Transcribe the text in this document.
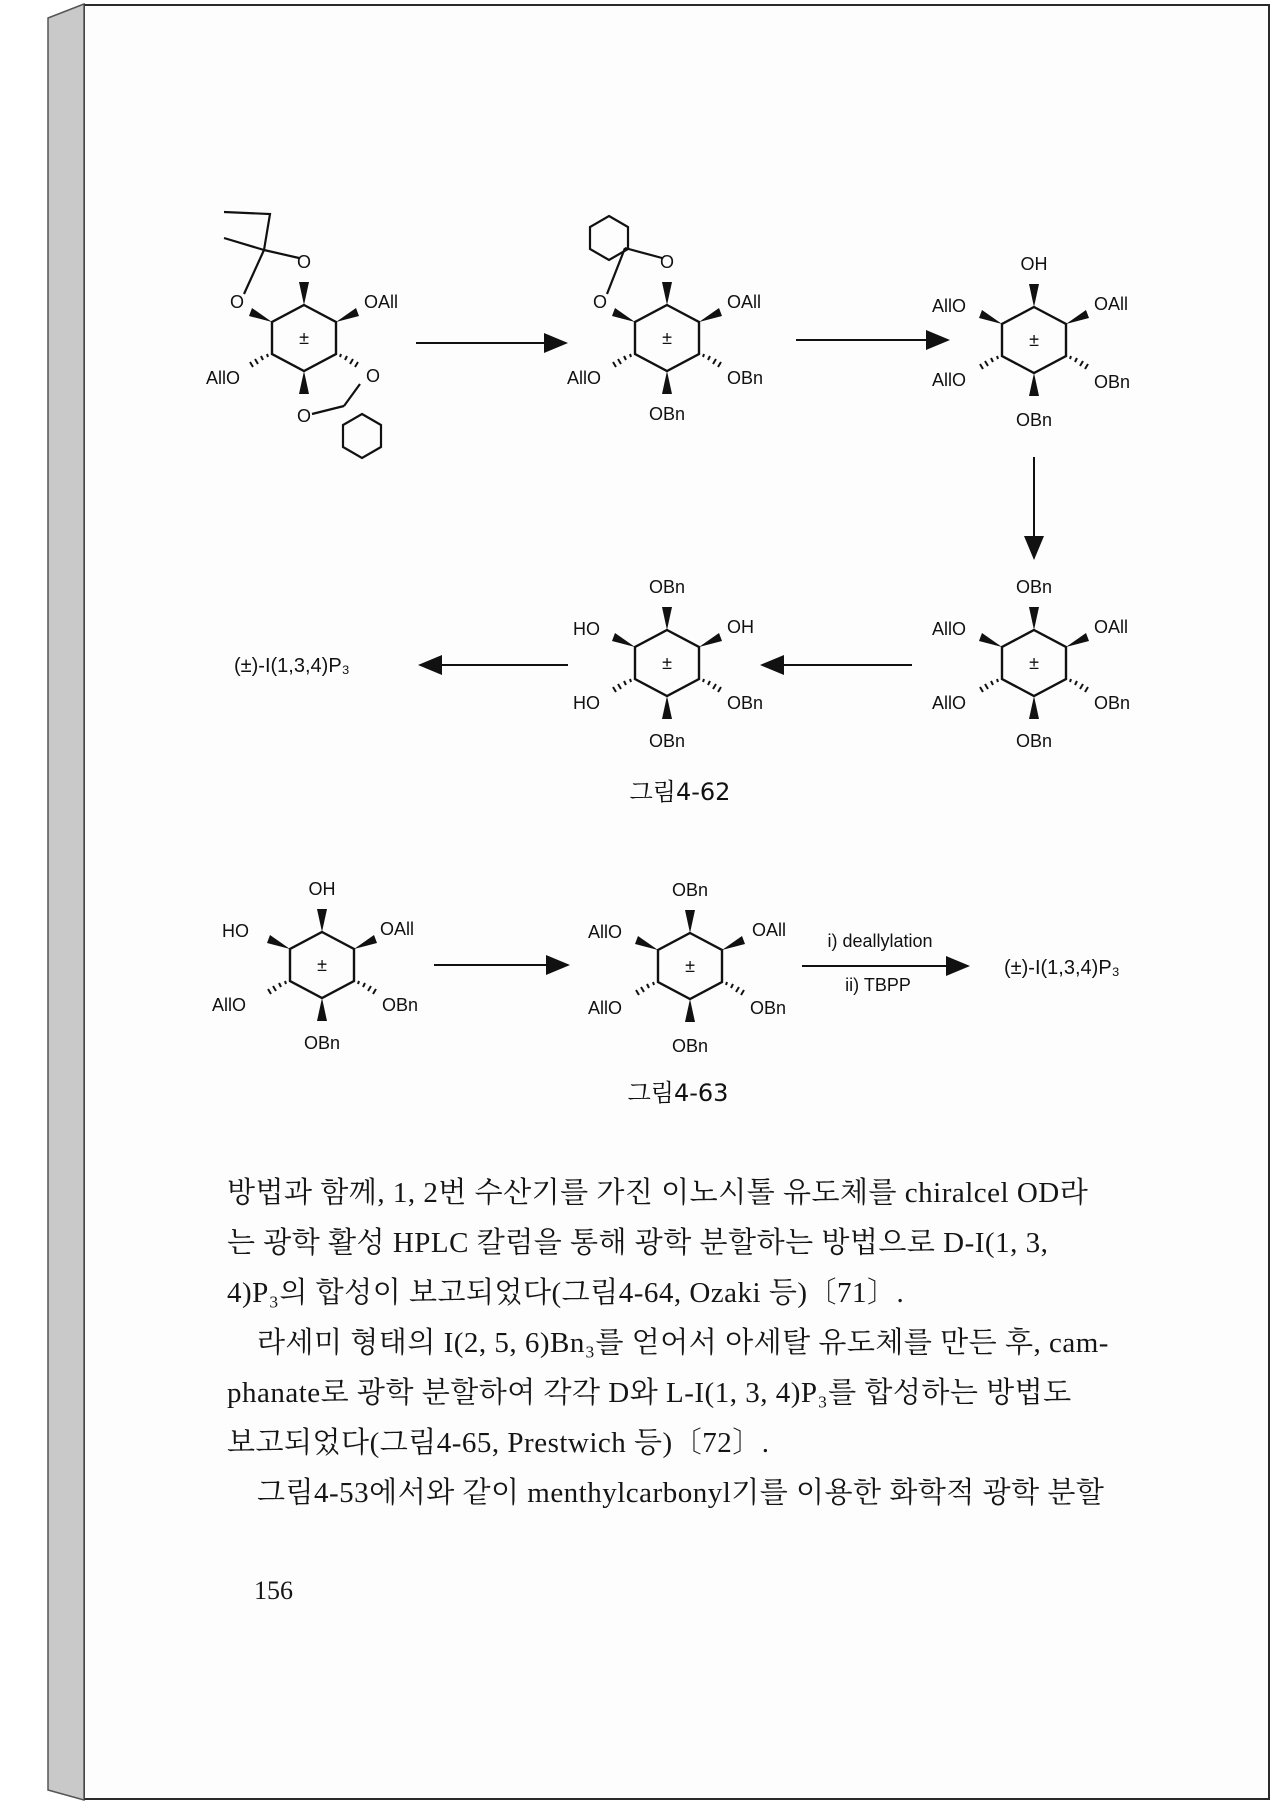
±
O
OAll
O
O
AllO
O
±
O
O
OAll
OBn
OBn
AllO
±
OH
OAll
OBn
OBn
AllO
AllO
±
OBn
OAll
OBn
OBn
AllO
AllO
±
OBn
OH
OBn
OBn
HO
HO
(±)-I(1,3,4)P₃
그림4-62
±
OH
OAll
OBn
OBn
AllO
HO
±
OBn
OAll
OBn
OBn
AllO
AllO	i) deallylation
ii) TBPP
(±)-I(1,3,4)P₃
그림4-63
방법과 함께, 1, 2번 수산기를 가진 이노시톨 유도체를 chiralcel OD라
는 광학 활성 HPLC 칼럼을 통해 광학 분할하는 방법으로 D-I(1, 3,
4)P₃의 합성이 보고되었다(그림4-64, Ozaki 등)〔71〕.
라세미 형태의 I(2, 5, 6)Bn₃를 얻어서 아세탈 유도체를 만든 후, cam-
phanate로 광학 분할하여 각각 D와 L-I(1, 3, 4)P₃를 합성하는 방법도
보고되었다(그림4-65, Prestwich 등)〔72〕.
그림4-53에서와 같이 menthylcarbonyl기를 이용한 화학적 광학 분할
156
